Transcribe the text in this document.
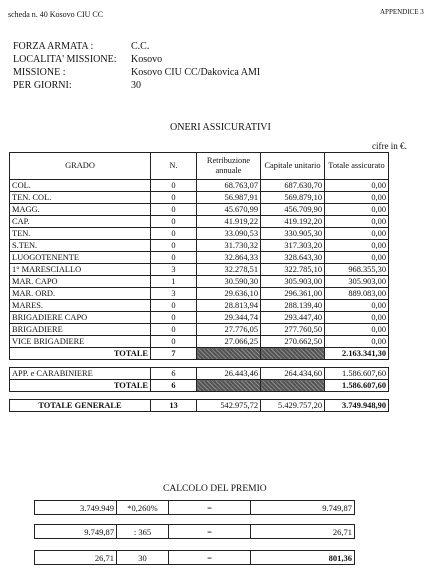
scheda n. 40 Kosovo CIU CC	APPENDICE 3
FORZA ARMATA :	C.C.
LOCALITA' MISSIONE:	Kosovo
MISSIONE :	Kosovo CIU CC/Dakovica AMI
PER GIORNI:	30
ONERI ASSICURATIVI
cifre in €.
GRADO	N.	Retribuzione annuale	Capitale unitario	Totale assicurato
COL.	0	68.763,07	687.630,70	0,00
TEN. COL.	0	56.987,91	569.879,10	0,00
MAGG.	0	45.670,99	456.709,90	0,00
CAP.	0	41.919,22	419.192,20	0,00
TEN.	0	33.090,53	330.905,30	0,00
S.TEN.	0	31.730,32	317.303,20	0,00
LUOGOTENENTE	0	32.864,33	328.643,30	0,00
1° MARESCIALLO	3	32.278,51	322.785,10	968.355,30
MAR. CAPO	1	30.590,30	305.903,00	305.903,00
MAR. ORD.	3	29.636,10	296.361,00	889.083,00
MARES.	0	28.813,94	288.139,40	0,00
BRIGADIERE CAPO	0	29.344,74	293.447,40	0,00
BRIGADIERE	0	27.776,05	277.760,50	0,00
VICE BRIGADIERE	0	27.066,25	270.662,50	0,00
TOTALE	7			2.163.341,30

APP. e CARABINIERE	6	26.443,46	264.434,60	1.586.607,60
TOTALE	6			1.586.607,60

TOTALE GENERALE	13	542.975,72	5.429.757,20	3.749.948,90
CALCOLO DEL PREMIO
3.749.949	*0,260%	=	9.749,87
9.749,87	: 365	=	26,71
26,71	30	=	801,36
